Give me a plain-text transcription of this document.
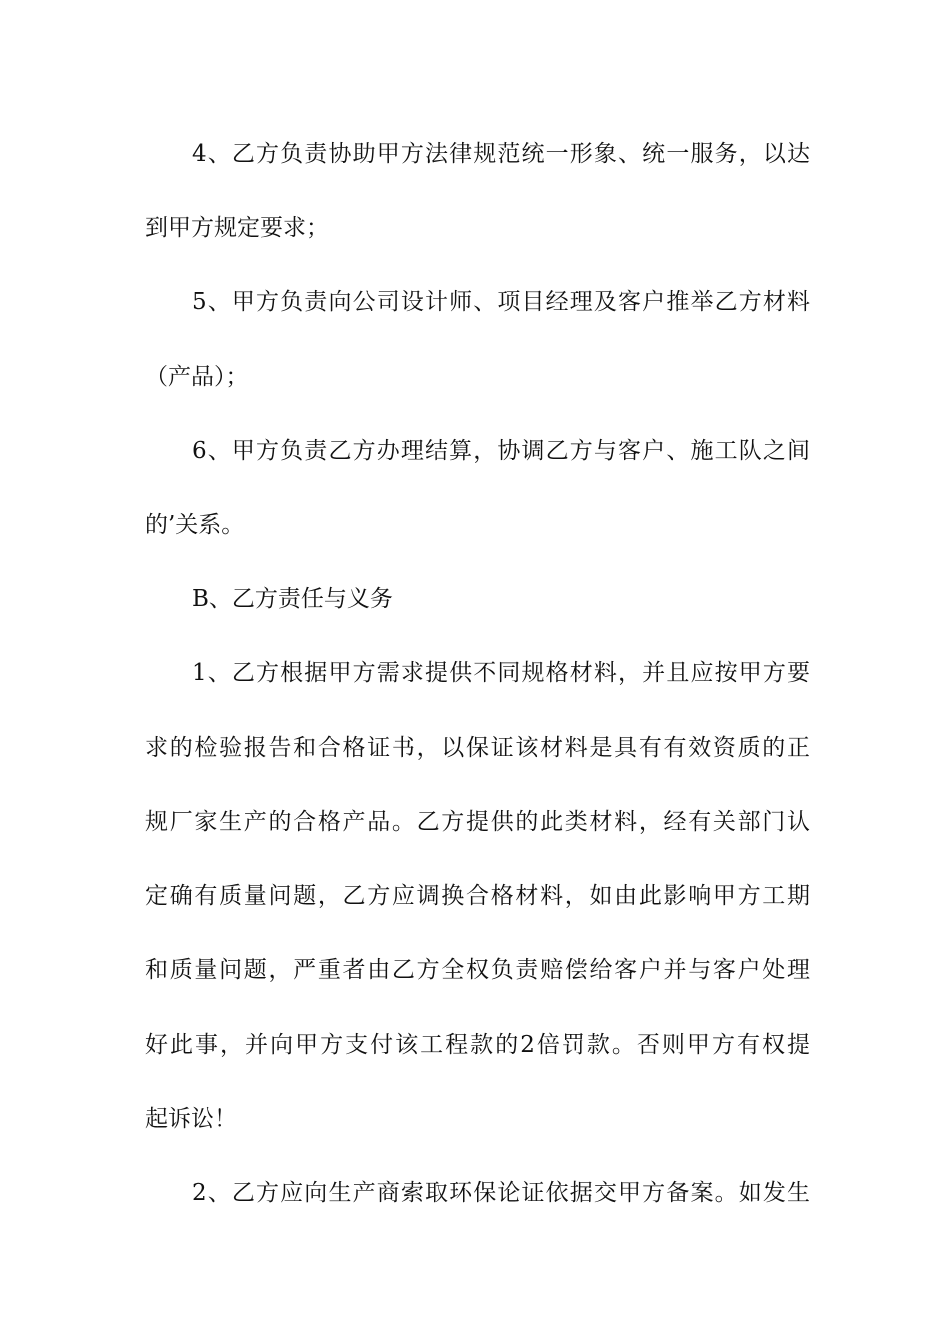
4、乙方负责协助甲方法律规范统一形象、统一服务，以达
到甲方规定要求；
5、甲方负责向公司设计师、项目经理及客户推举乙方材料
（产品）；
6、甲方负责乙方办理结算，协调乙方与客户、施工队之间
的’关系。
B、乙方责任与义务
1、乙方根据甲方需求提供不同规格材料，并且应按甲方要
求的检验报告和合格证书，以保证该材料是具有有效资质的正
规厂家生产的合格产品。乙方提供的此类材料，经有关部门认
定确有质量问题，乙方应调换合格材料，如由此影响甲方工期
和质量问题，严重者由乙方全权负责赔偿给客户并与客户处理
好此事，并向甲方支付该工程款的2倍罚款。否则甲方有权提
起诉讼！
2、乙方应向生产商索取环保论证依据交甲方备案。如发生
